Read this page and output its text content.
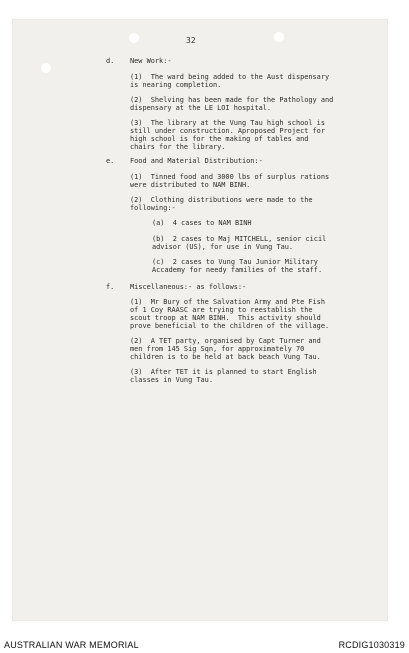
32
d. New Work:-
(1)  The ward being added to the Aust dispensary
is nearing completion.
(2)  Shelving has been made for the Pathology and
dispensary at the LE LOI hospital.
(3)  The library at the Vung Tau high school is
still under construction. Aproposed Project for
high school is for the making of tables and
chairs for the library.
e. Food and Material Distribution:-
(1)  Tinned food and 3000 lbs of surplus rations
were distributed to NAM BINH.
(2)  Clothing distributions were made to the
following:-
(a)  4 cases to NAM BINH
(b)  2 cases to Maj MITCHELL, senior cicil
advisor (US), for use in Vung Tau.
(c)  2 cases to Vung Tau Junior Military
Accademy for needy families of the staff.
f. Miscellaneous:- as follows:-
(1)  Mr Bury of the Salvation Army and Pte Fish
of 1 Coy RAASC are trying to reestablish the
scout troop at NAM BINH.  This activity should
prove beneficial to the children of the village.
(2)  A TET party, organised by Capt Turner and
men from 145 Sig Sqn, for approximately 70
children is to be held at back beach Vung Tau.
(3)  After TET it is planned to start English
classes in Vung Tau.
AUSTRALIAN WAR MEMORIAL	RCDIG1030319
